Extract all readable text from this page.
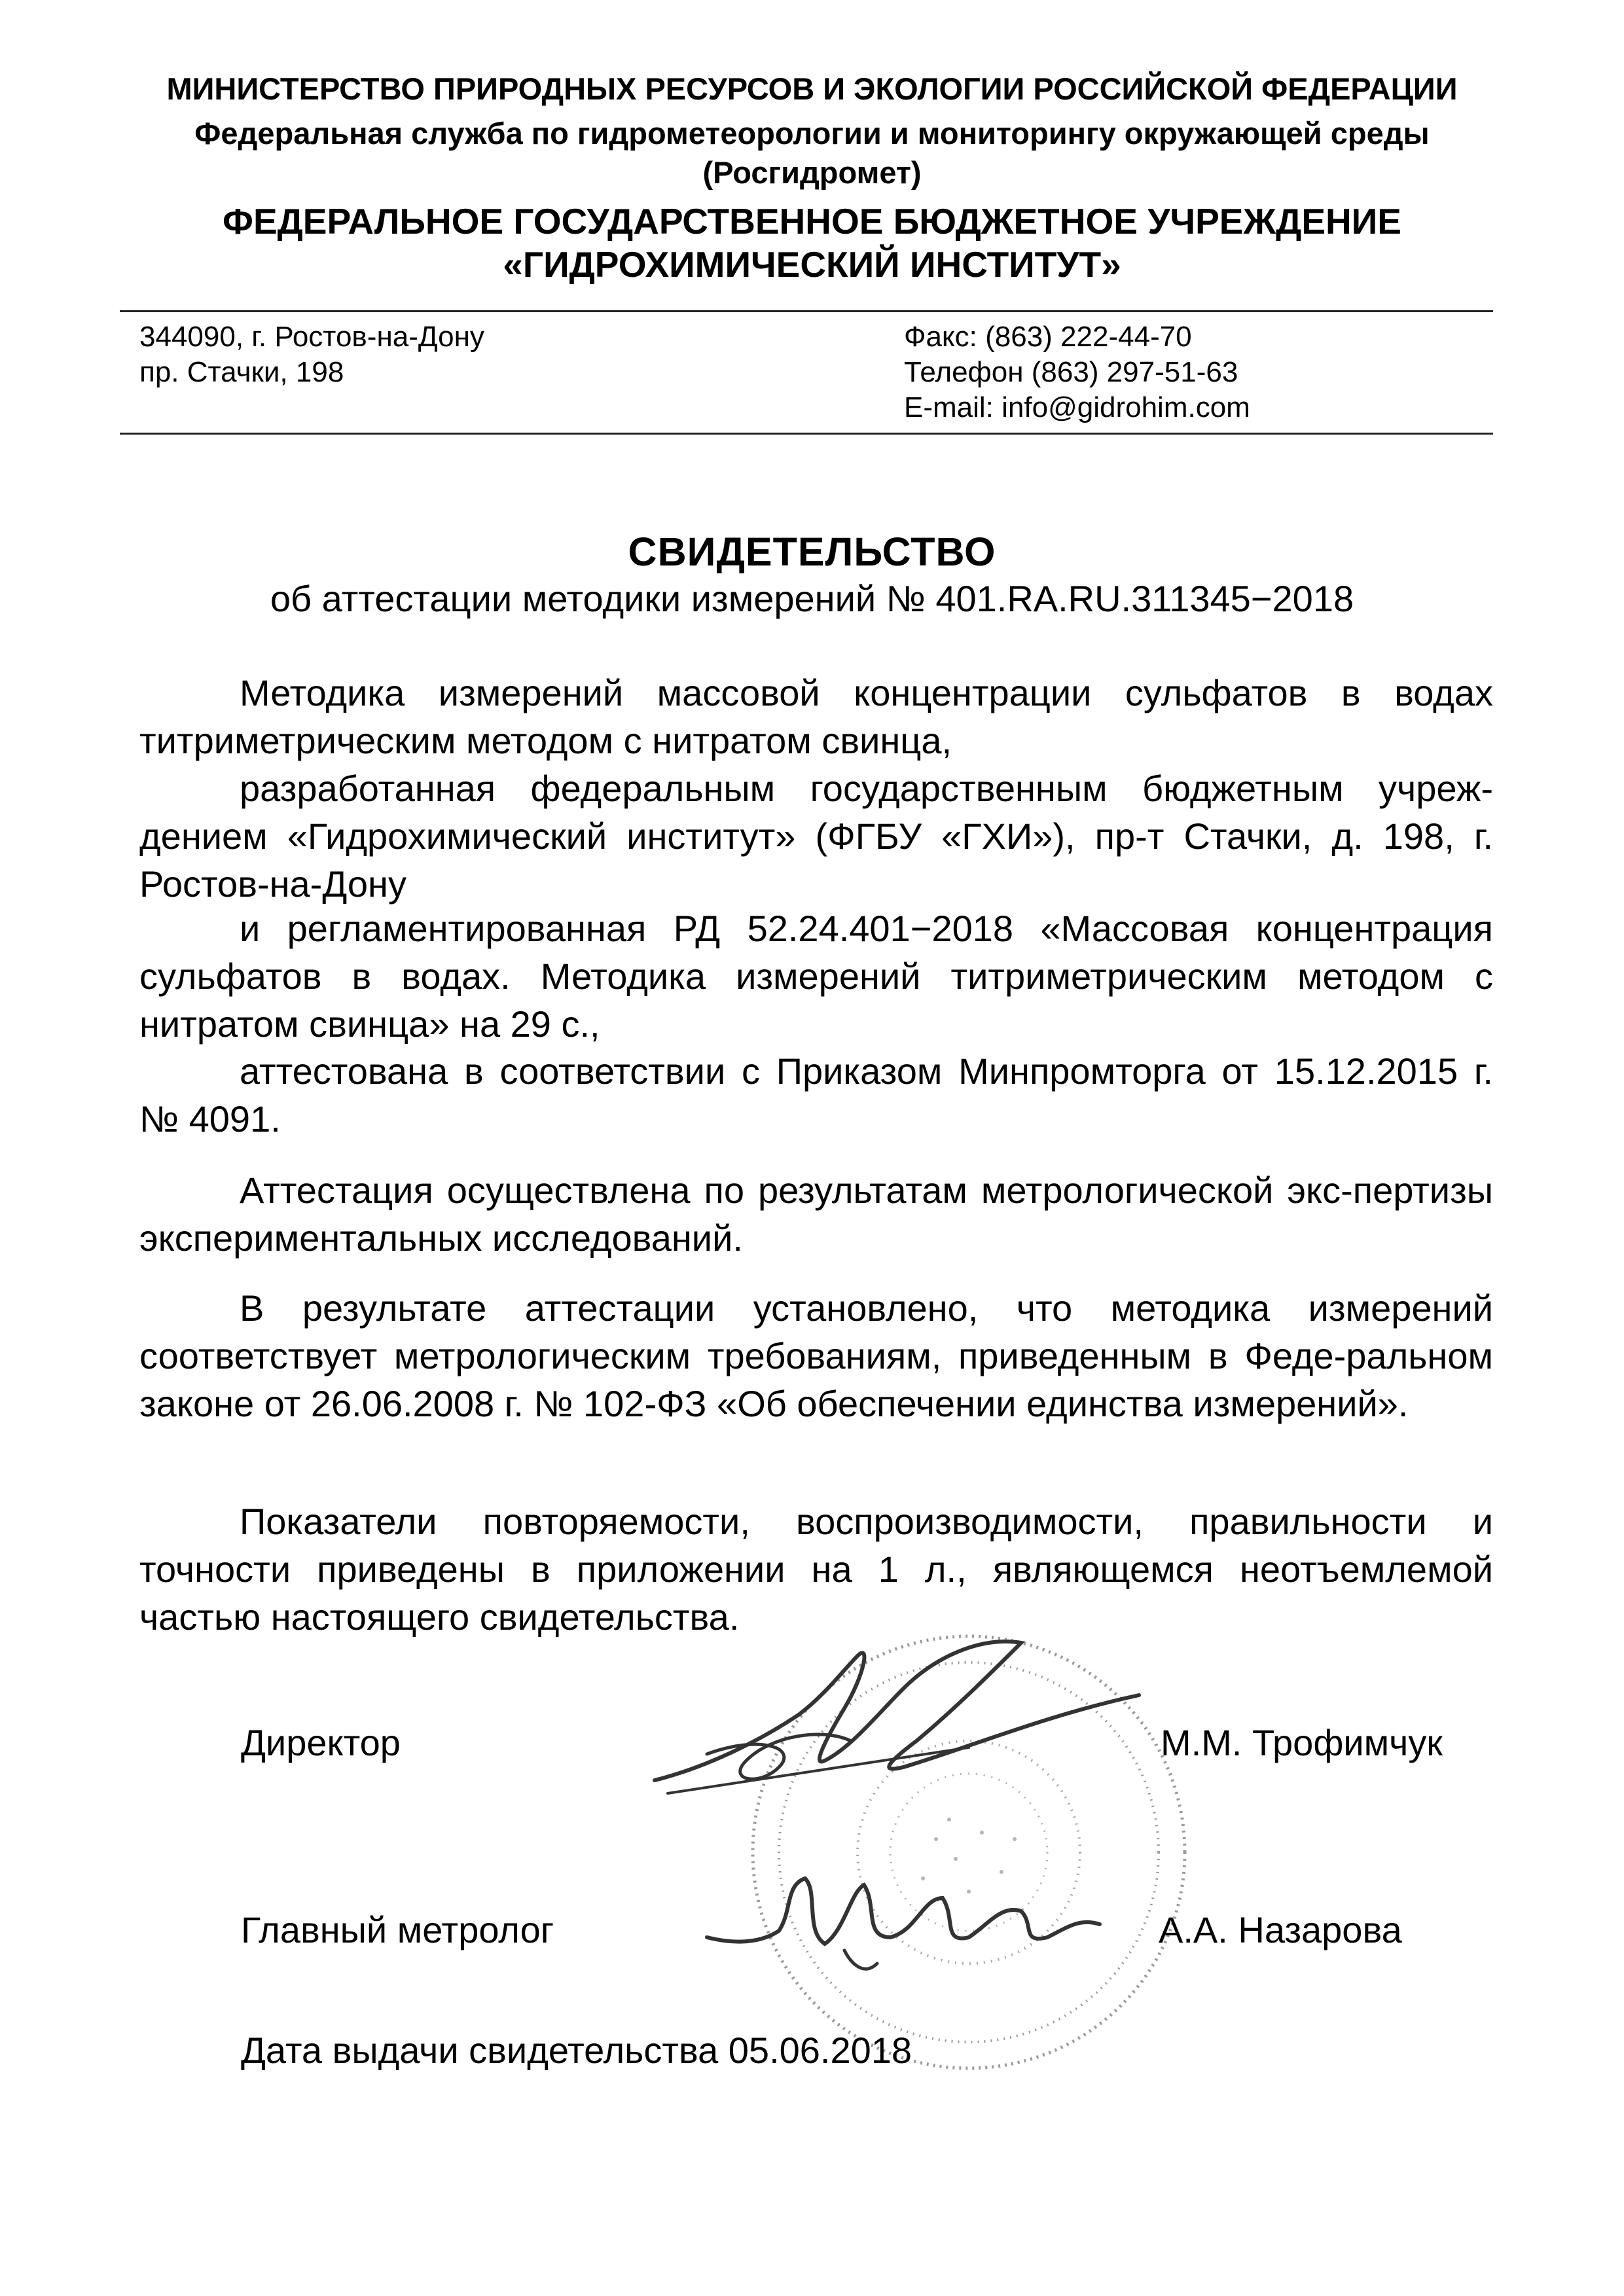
МИНИСТЕРСТВО ПРИРОДНЫХ РЕСУРСОВ И ЭКОЛОГИИ РОССИЙСКОЙ ФЕДЕРАЦИИ
Федеральная служба по гидрометеорологии и мониторингу окружающей среды
(Росгидромет)
ФЕДЕРАЛЬНОЕ ГОСУДАРСТВЕННОЕ БЮДЖЕТНОЕ УЧРЕЖДЕНИЕ
«ГИДРОХИМИЧЕСКИЙ ИНСТИТУТ»
344090, г. Ростов-на-Дону
пр. Стачки, 198
Факс: (863) 222-44-70
Телефон (863) 297-51-63
E-mail: info@gidrohim.com
СВИДЕТЕЛЬСТВО
об аттестации методики измерений № 401.RA.RU.311345−2018

Методика измерений массовой концентрации сульфатов в водах титриметрическим методом с нитратом свинца,

разработанная федеральным государственным бюджетным учреж-дением «Гидрохимический институт» (ФГБУ «ГХИ»), пр-т Стачки, д. 198, г. Ростов-на-Дону

и регламентированная РД 52.24.401−2018 «Массовая концентрация сульфатов в водах. Методика измерений титриметрическим методом с нитратом свинца» на 29 с.,

аттестована в соответствии с Приказом Минпромторга от 15.12.2015 г. № 4091.

Аттестация осуществлена по результатам метрологической экс-пертизы экспериментальных исследований.

В результате аттестации установлено, что методика измерений соответствует метрологическим требованиям, приведенным в Феде-ральном законе от 26.06.2008 г. № 102-ФЗ «Об обеспечении единства измерений».

Показатели повторяемости, воспроизводимости, правильности и точности приведены в приложении на 1 л., являющемся неотъемлемой частью настоящего свидетельства.

Директор	М.М. Трофимчук
Главный метролог	А.А. Назарова
Дата выдачи свидетельства 05.06.2018
